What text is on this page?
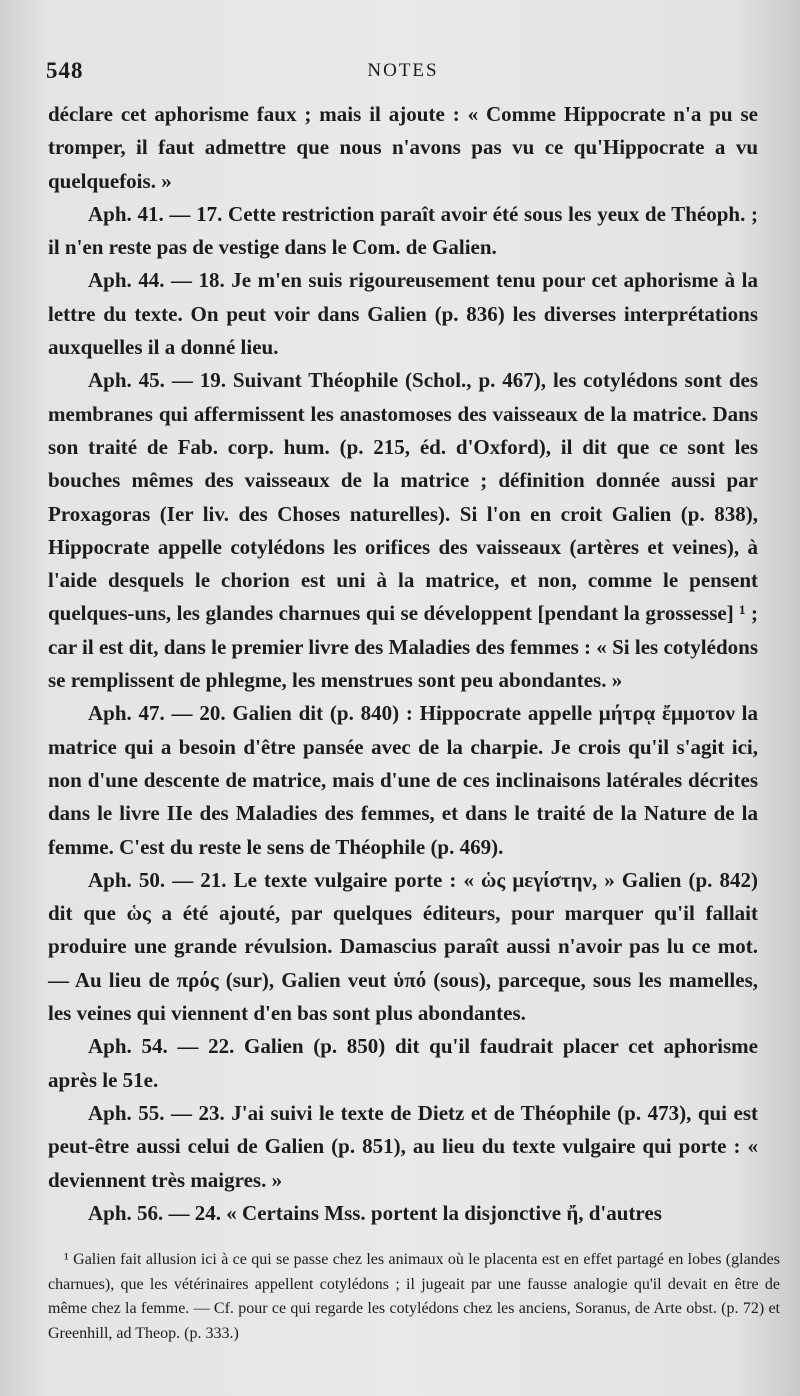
548	NOTES

déclare cet aphorisme faux ; mais il ajoute : « Comme Hippocrate n'a pu se tromper, il faut admettre que nous n'avons pas vu ce qu'Hippocrate a vu quelquefois. »

Aph. 41. — 17. Cette restriction paraît avoir été sous les yeux de Théoph. ; il n'en reste pas de vestige dans le Com. de Galien.

Aph. 44. — 18. Je m'en suis rigoureusement tenu pour cet aphorisme à la lettre du texte. On peut voir dans Galien (p. 836) les diverses interprétations auxquelles il a donné lieu.

Aph. 45. — 19. Suivant Théophile (Schol., p. 467), les cotylédons sont des membranes qui affermissent les anastomoses des vaisseaux de la matrice. Dans son traité de Fab. corp. hum. (p. 215, éd. d'Oxford), il dit que ce sont les bouches mêmes des vaisseaux de la matrice ; définition donnée aussi par Proxagoras (Ier liv. des Choses naturelles). Si l'on en croit Galien (p. 838), Hippocrate appelle cotylédons les orifices des vaisseaux (artères et veines), à l'aide desquels le chorion est uni à la matrice, et non, comme le pensent quelques-uns, les glandes charnues qui se développent [pendant la grossesse] ¹ ; car il est dit, dans le premier livre des Maladies des femmes : « Si les cotylédons se remplissent de phlegme, les menstrues sont peu abondantes. »

Aph. 47. — 20. Galien dit (p. 840) : Hippocrate appelle μήτρᾳ ἔμμοτον la matrice qui a besoin d'être pansée avec de la charpie. Je crois qu'il s'agit ici, non d'une descente de matrice, mais d'une de ces inclinaisons latérales décrites dans le livre IIe des Maladies des femmes, et dans le traité de la Nature de la femme. C'est du reste le sens de Théophile (p. 469).

Aph. 50. — 21. Le texte vulgaire porte : « ὡς μεγίστην, » Galien (p. 842) dit que ὡς a été ajouté, par quelques éditeurs, pour marquer qu'il fallait produire une grande révulsion. Damascius paraît aussi n'avoir pas lu ce mot. — Au lieu de πρός (sur), Galien veut ὑπό (sous), parceque, sous les mamelles, les veines qui viennent d'en bas sont plus abondantes.

Aph. 54. — 22. Galien (p. 850) dit qu'il faudrait placer cet aphorisme après le 51e.

Aph. 55. — 23. J'ai suivi le texte de Dietz et de Théophile (p. 473), qui est peut-être aussi celui de Galien (p. 851), au lieu du texte vulgaire qui porte : « deviennent très maigres. »

Aph. 56. — 24. « Certains Mss. portent la disjonctive ἤ, d'autres

¹ Galien fait allusion ici à ce qui se passe chez les animaux où le placenta est en effet partagé en lobes (glandes charnues), que les vétérinaires appellent cotylédons ; il jugeait par une fausse analogie qu'il devait en être de même chez la femme. — Cf. pour ce qui regarde les cotylédons chez les anciens, Soranus, de Arte obst. (p. 72) et Greenhill, ad Theop. (p. 333.)
